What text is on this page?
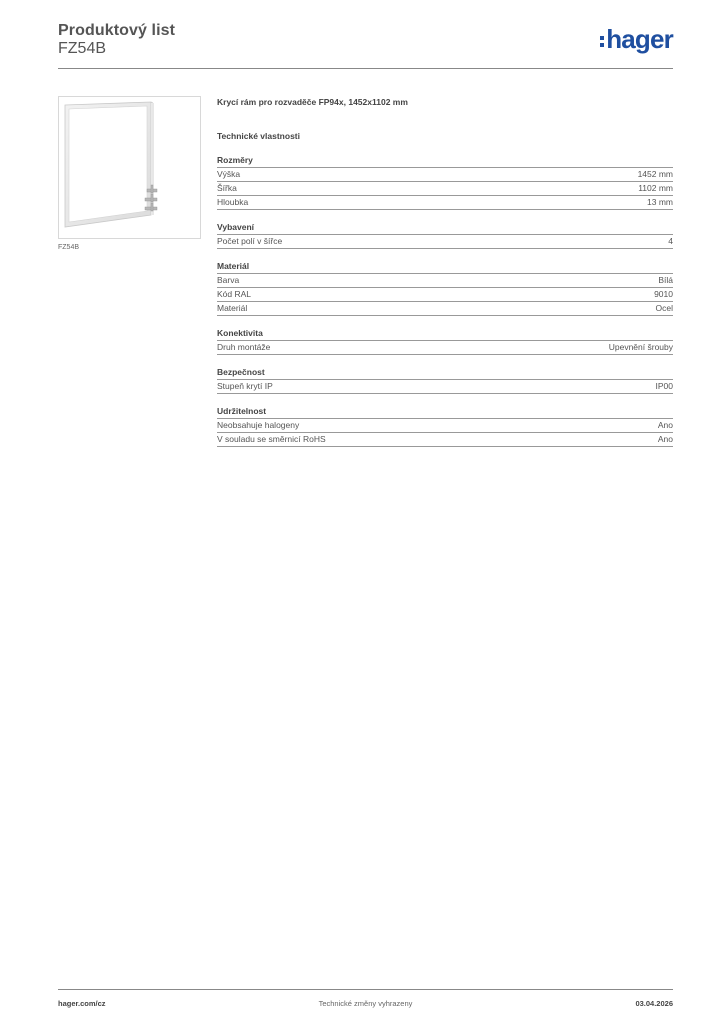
Produktový list
FZ54B	hager
FZ54B
Krycí rám pro rozvaděče FP94x, 1452x1102 mm
Technické vlastnosti
Rozměry
Výška	1452 mm
Šířka	1102 mm
Hloubka	13 mm
Vybavení
Počet polí v šířce	4
Materiál
Barva	Bílá
Kód RAL	9010
Materiál	Ocel
Konektivita
Druh montáže	Upevnění šrouby
Bezpečnost
Stupeň krytí IP	IP00
Udržitelnost
Neobsahuje halogeny	Ano
V souladu se směrnicí RoHS	Ano
hager.com/cz	Technické změny vyhrazeny	03.04.2026
